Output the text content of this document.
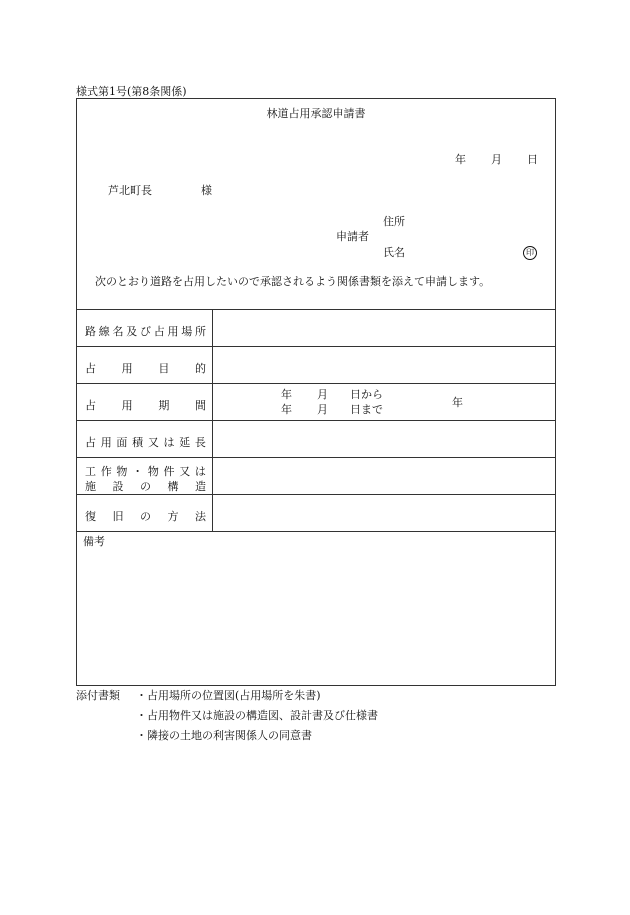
様式第1号(第8条関係)
林道占用承認申請書
年 月 日
芦北町長	様
住所
申請者
氏名	印
次のとおり道路を占用したいので承認されるよう関係書類を添えて申請します。
路 線 名 及 び 占 用 場 所
占 用 目 的
占 用 期 間
年 月 日から
年 月 日まで
年
占 用 面 積 又 は 延 長
工 作 物 ・ 物 件 又 は
施 設 の 構 造
復 旧 の 方 法
備考
添付書類 ・占用場所の位置図(占用場所を朱書)
・占用物件又は施設の構造図、設計書及び仕様書
・隣接の土地の利害関係人の同意書
